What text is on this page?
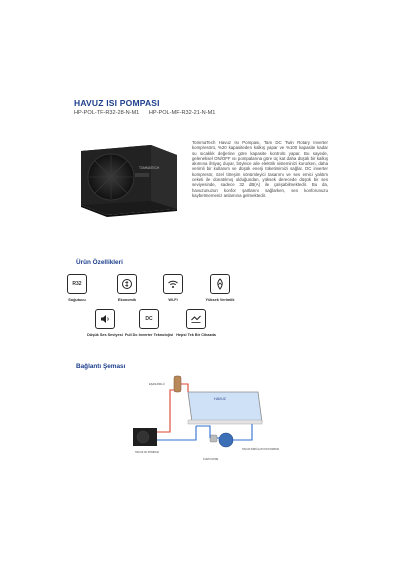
HAVUZ ISI POMPASI
HP-POL-TF-R32-28-N-M1 HP-POL-MF-R32-21-N-M1
TOMMATECH
TommaTech Havuz Isı Pompası, Tam DC Twin Rotary Inverter kompresörü, %20 kapasiteden kalkış yapar ve %100 kapasite kadar su sıcaklık değerine göre kapasite kontrolü yapar. Bu sayede, geleneksel ON/OFF ısı pompalarına göre üç kat daha düşük bir kalkış akımına ihtiyaç duyar, böylece aile elektrik sisteminizi korurken, daha verimli bir kullanım ve düşük enerji tüketimimizi sağlar. DC inverter kompresör, özel titreşim sönümleyici tasarımı ve ses emici yalıtım ceketi ile donatılmış olduğundan, yüksek derecede düşük bir ses seviyesinde, sadece 32 dB(A) ile çalışabilmektedir. Bu da, havuzunuzun konfor şartlarını sağlarken, ses konforunuzu kaybetmemeniz anlamına gelmektedir.
Ürün Özellikleri
R32
Soğutucu	Ekonomik	Wi-Fi	Yüksek Verimlik
Düşük Ses Seviyesi
DC
Full Dc Inverter Teknolojisi Hepsi Tek Bir Cihazda
Bağlantı Şeması
HAVUZ
EŞANJÖRLÜ
HAVUZ ISI POMPASI
KUM FİLTRE
HAVUZ SİRKÜLASYON POMPASI
